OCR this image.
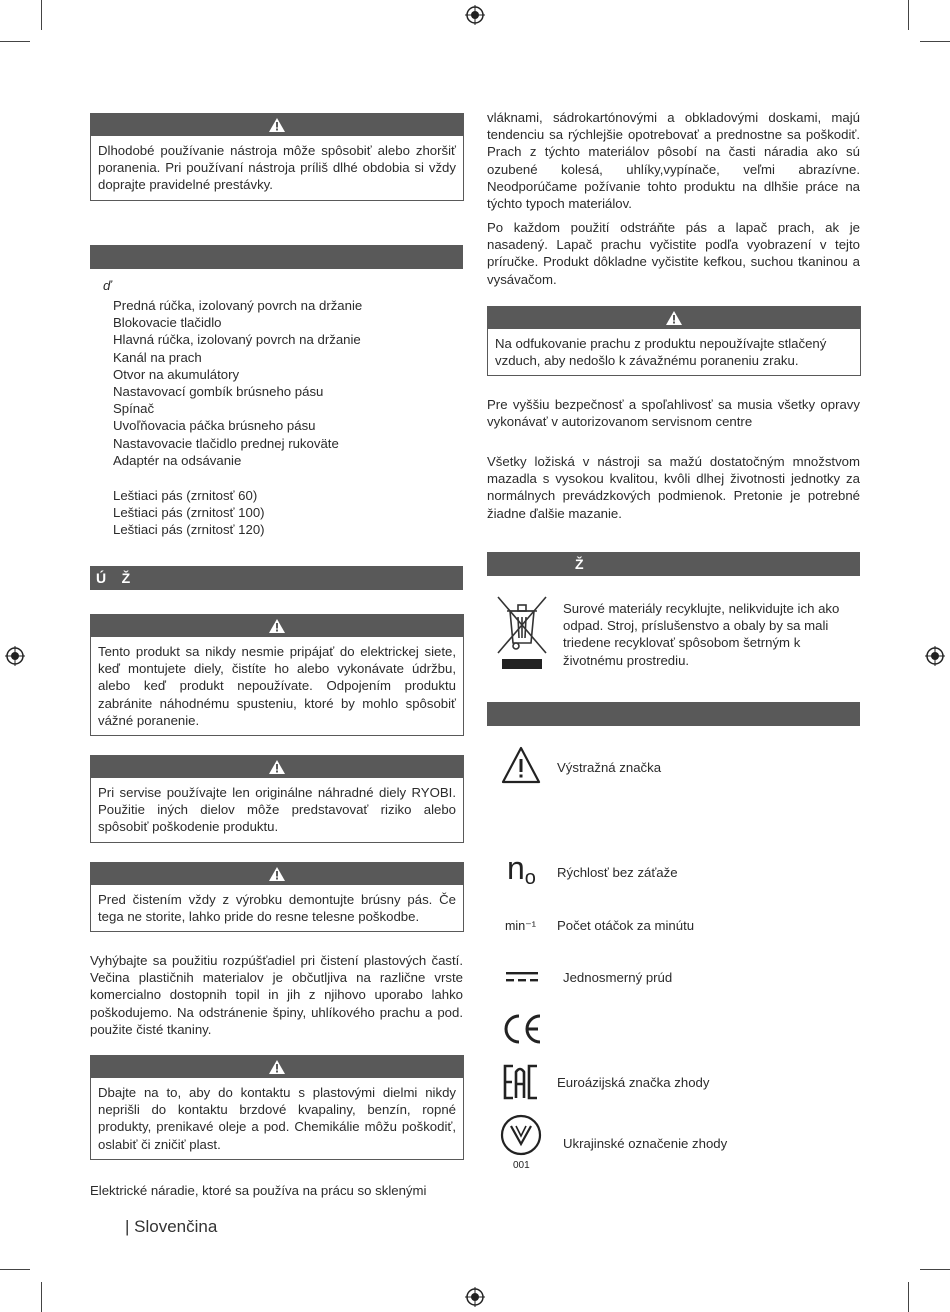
Dlhodobé používanie nástroja môže spôsobiť alebo zhoršiť poranenia. Pri používaní nástroja príliš dlhé obdobia si vždy doprajte pravidelné prestávky.
ď
Predná rúčka, izolovaný povrch na držanie
Blokovacie tlačidlo
Hlavná rúčka, izolovaný povrch na držanie
Kanál na prach
Otvor na akumulátory
Nastavovací gombík brúsneho pásu
Spínač
Uvoľňovacia páčka brúsneho pásu
Nastavovacie tlačidlo prednej rukoväte
Adaptér na odsávanie
Leštiaci pás (zrnitosť 60)
Leštiaci pás (zrnitosť 100)
Leštiaci pás (zrnitosť 120)
Ú    Ž
Tento produkt sa nikdy nesmie pripájať do elektrickej siete, keď montujete diely, čistíte ho alebo vykonávate údržbu, alebo keď produkt nepoužívate. Odpojením produktu zabránite náhodnému spusteniu, ktoré by mohlo spôsobiť vážné poranenie.
Pri servise používajte len originálne náhradné diely RYOBI. Použitie iných dielov môže predstavovať riziko alebo spôsobiť poškodenie produktu.
Pred čistením vždy z výrobku demontujte brúsny pás. Če tega ne storite, lahko pride do resne telesne poškodbe.
Vyhýbajte sa použitiu rozpúšťadiel pri čistení plastových častí. Večina plastičnih materialov je občutljiva na različne vrste komercialno dostopnih topil in jih z njihovo uporabo lahko poškodujemo. Na odstránenie špiny, uhlíkového prachu a pod. použite čisté tkaniny.
Dbajte na to, aby do kontaktu s plastovými dielmi nikdy neprišli do kontaktu brzdové kvapaliny, benzín, ropné produkty, prenikavé oleje a pod. Chemikálie môžu poškodiť, oslabiť či zničiť plast.
Elektrické náradie, ktoré sa používa na prácu so sklenými
| Slovenčina
vláknami, sádrokartónovými a obkladovými doskami, majú tendenciu sa rýchlejšie opotrebovať a prednostne sa poškodiť. Prach z týchto materiálov pôsobí na časti náradia ako sú ozubené kolesá, uhlíky,vypínače, veľmi abrazívne. Neodporúčame požívanie tohto produktu na dlhšie práce na týchto typoch materiálov.
Po každom použití odstráňte pás a lapač prach, ak je nasadený. Lapač prachu vyčistite podľa vyobrazení v tejto príručke. Produkt dôkladne vyčistite kefkou, suchou tkaninou a vysávačom.
Na odfukovanie prachu z produktu nepoužívajte stlačený vzduch, aby nedošlo k závažnému poraneniu zraku.
Pre vyššiu bezpečnosť a spoľahlivosť sa musia všetky opravy vykonávať v autorizovanom servisnom centre
Všetky ložiská v nástroji sa mažú dostatočným množstvom mazadla s vysokou kvalitou, kvôli dlhej životnosti jednotky za normálnych prevádzkových podmienok. Pretonie je potrebné žiadne ďalšie mazanie.
Ž
Surové materiály recyklujte, nelikvidujte ich ako odpad. Stroj, príslušenstvo a obaly by sa mali triedene recyklovať spôsobom šetrným k životnému prostrediu.
Výstražná značka
no Rýchlosť bez záťaže
min⁻¹ Počet otáčok za minútu
Jednosmerný prúd
Euroázijská značka zhody
001
Ukrajinské označenie zhody
